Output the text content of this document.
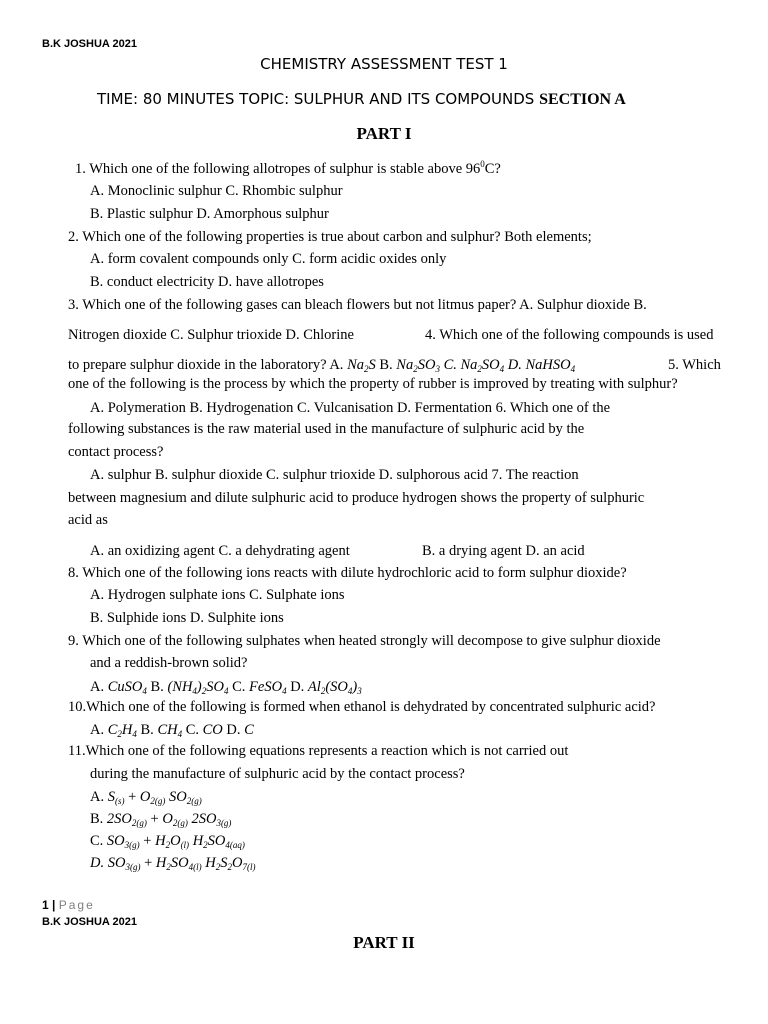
B.K JOSHUA 2021
CHEMISTRY ASSESSMENT TEST 1
TIME: 80 MINUTES TOPIC: SULPHUR AND ITS COMPOUNDS SECTION A
PART I
1. Which one of the following allotropes of sulphur is stable above $96^0C$?
A. Monoclinic sulphur C. Rhombic sulphur
B. Plastic sulphur D. Amorphous sulphur
2. Which one of the following properties is true about carbon and sulphur? Both elements;
A. form covalent compounds only C. form acidic oxides only
B. conduct electricity D. have allotropes
3. Which one of the following gases can bleach flowers but not litmus paper? A. Sulphur dioxide B.
Nitrogen dioxide C. Sulphur trioxide D. Chlorine	4. Which one of the following compounds is used
to prepare sulphur dioxide in the laboratory? A. $Na_2S$ B. $Na_2SO_3$ C. $Na_2SO_4$ D. NaHSO$_4$	5. Which
one of the following is the process by which the property of rubber is improved by treating with sulphur?
A. Polymeration B. Hydrogenation C. Vulcanisation D. Fermentation 6. Which one of the
following substances is the raw material used in the manufacture of sulphuric acid by the
contact process?
A. sulphur B. sulphur dioxide C. sulphur trioxide D. sulphorous acid 7. The reaction
between magnesium and dilute sulphuric acid to produce hydrogen shows the property of sulphuric
acid as
A. an oxidizing agent C. a dehydrating agent	B. a drying agent D. an acid
8. Which one of the following ions reacts with dilute hydrochloric acid to form sulphur dioxide?
A. Hydrogen sulphate ions C. Sulphate ions
B. Sulphide ions D. Sulphite ions
9. Which one of the following sulphates when heated strongly will decompose to give sulphur dioxide
and a reddish-brown solid?
A. CuSO$_4$ B. $(NH_4)_2SO_4$ C. FeSO$_4$ D. $Al_2(SO_4)_3$
10.Which one of the following is formed when ethanol is dehydrated by concentrated sulphuric acid?
A. $C_2H_4$ B. $CH_4$ C. CO D. C
11.Which one of the following equations represents a reaction which is not carried out
during the manufacture of sulphuric acid by the contact process?
A. $S_{(s)} + O_{2(g)}$ $SO_{2(g)}$
B. $2SO_{2(g)} + O_{2(g)}$ $2SO_{3(g)}$
C. $SO_{3(g)} + H_2O_{(l)}$ $H_2SO_{4(aq)}$
D. $SO_{3(g)} + H_2SO_{4(l)}$ $H_2S_2O_{7(l)}$
1 | Page
B.K JOSHUA 2021
PART II
